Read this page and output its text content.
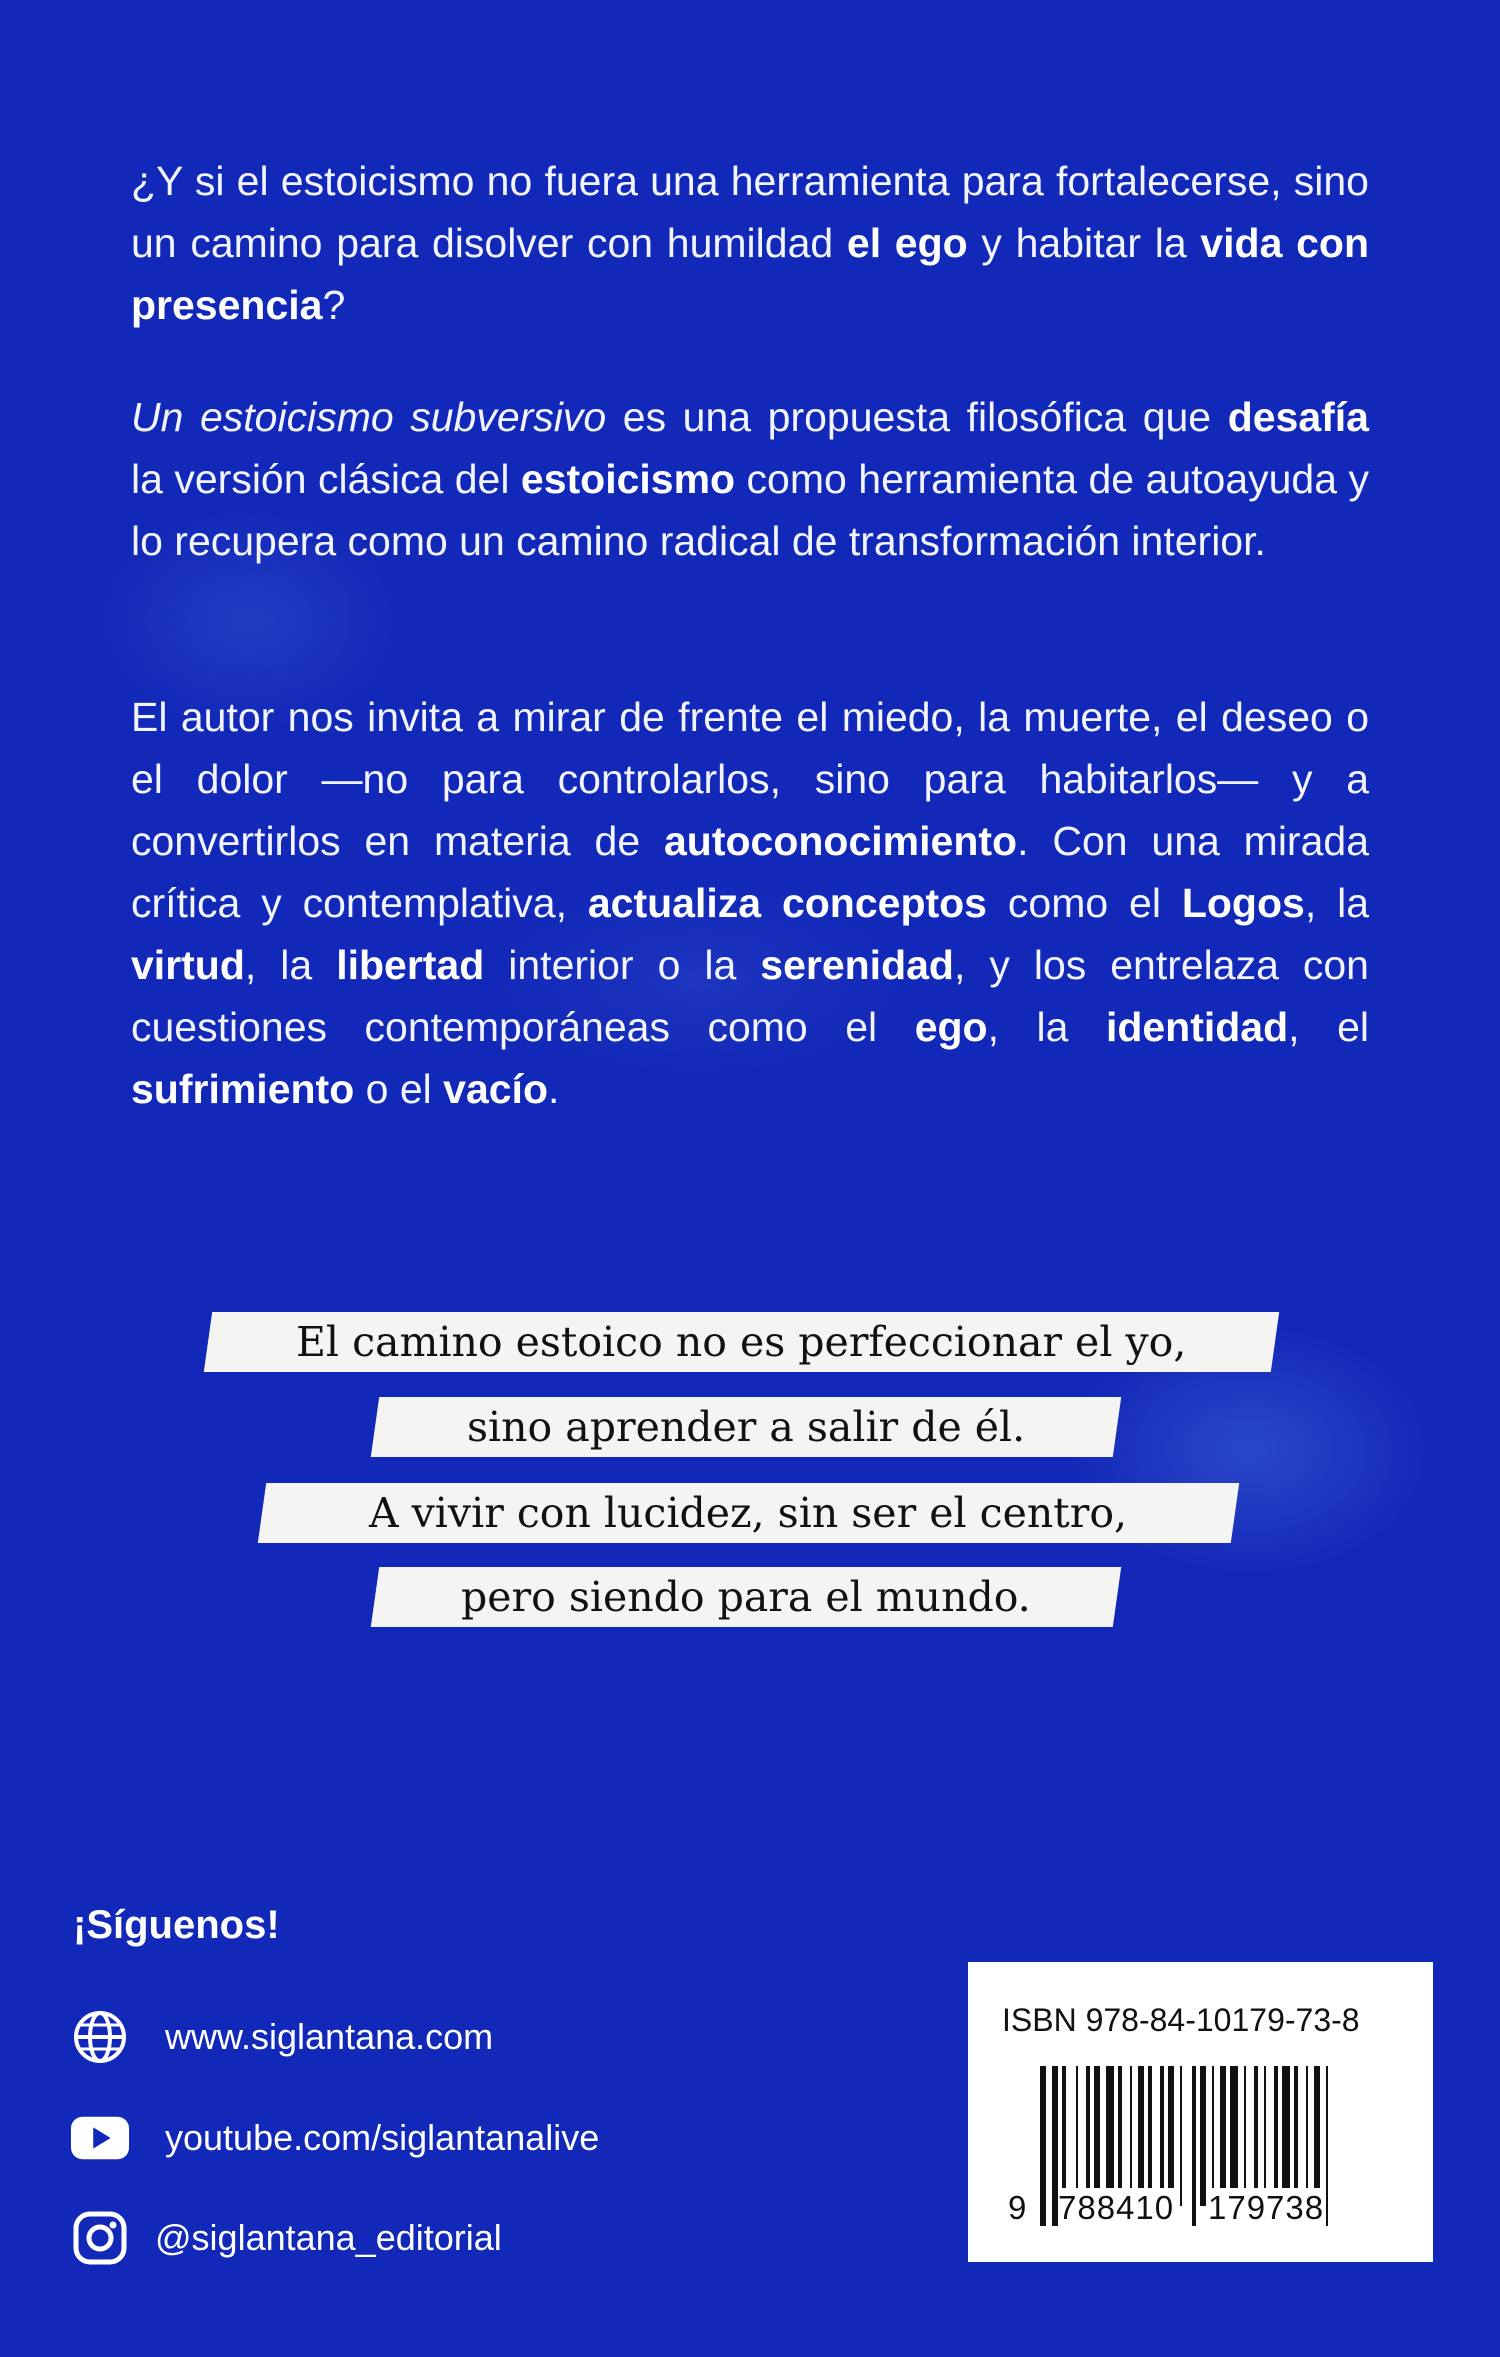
¿Y si el estoicismo no fuera una herramienta para fortalecerse, sino un camino para disolver con humildad el ego y habitar la vida con presencia?
Un estoicismo subversivo es una propuesta filosófica que desafía la versión clásica del estoicismo como herramienta de autoayuda y lo recupera como un camino radical de transformación interior.
El autor nos invita a mirar de frente el miedo, la muerte, el deseo o el dolor —no para controlarlos, sino para habitarlos— y a convertirlos en materia de autoconocimiento. Con una mirada crítica y contemplativa, actualiza conceptos como el Logos, la virtud, la libertad interior o la serenidad, y los entrelaza con cuestiones contemporáneas como el ego, la identidad, el sufrimiento o el vacío.
El camino estoico no es perfeccionar el yo,
sino aprender a salir de él.
A vivir con lucidez, sin ser el centro,
pero siendo para el mundo.
¡Síguenos!
www.siglantana.com
youtube.com/siglantanalive
@siglantana_editorial
ISBN 978-84-10179-73-8
9 788410 179738
